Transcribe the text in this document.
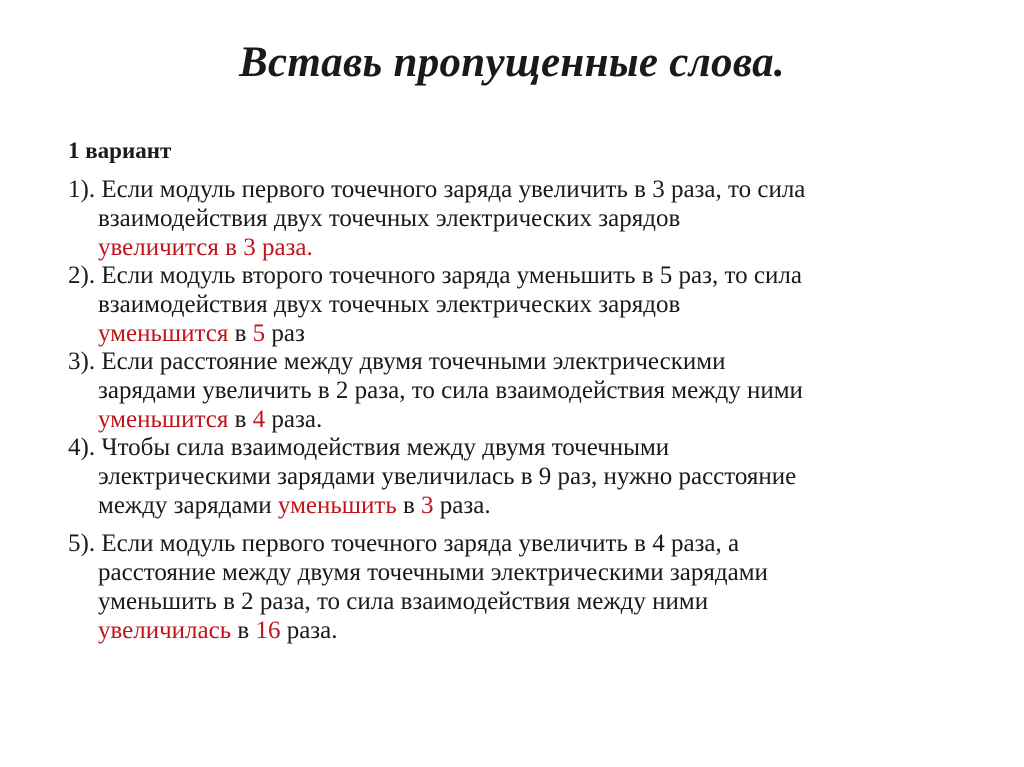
Вставь пропущенные слова.
1 вариант
1). Если модуль первого точечного заряда увеличить в 3 раза, то сила
взаимодействия двух точечных электрических зарядов
увеличится в 3 раза.
2). Если модуль второго точечного заряда уменьшить в 5 раз, то сила
взаимодействия двух точечных электрических зарядов
уменьшится в 5 раз
3). Если расстояние между двумя точечными электрическими
зарядами увеличить в 2 раза, то сила взаимодействия между ними
уменьшится в 4 раза.
4). Чтобы сила взаимодействия между двумя точечными
электрическими зарядами увеличилась в 9 раз, нужно расстояние
между зарядами уменьшить в 3 раза.
5). Если модуль первого точечного заряда увеличить в 4 раза, а
расстояние между двумя точечными электрическими зарядами
уменьшить в 2 раза, то сила взаимодействия между ними
увеличилась в 16 раза.
